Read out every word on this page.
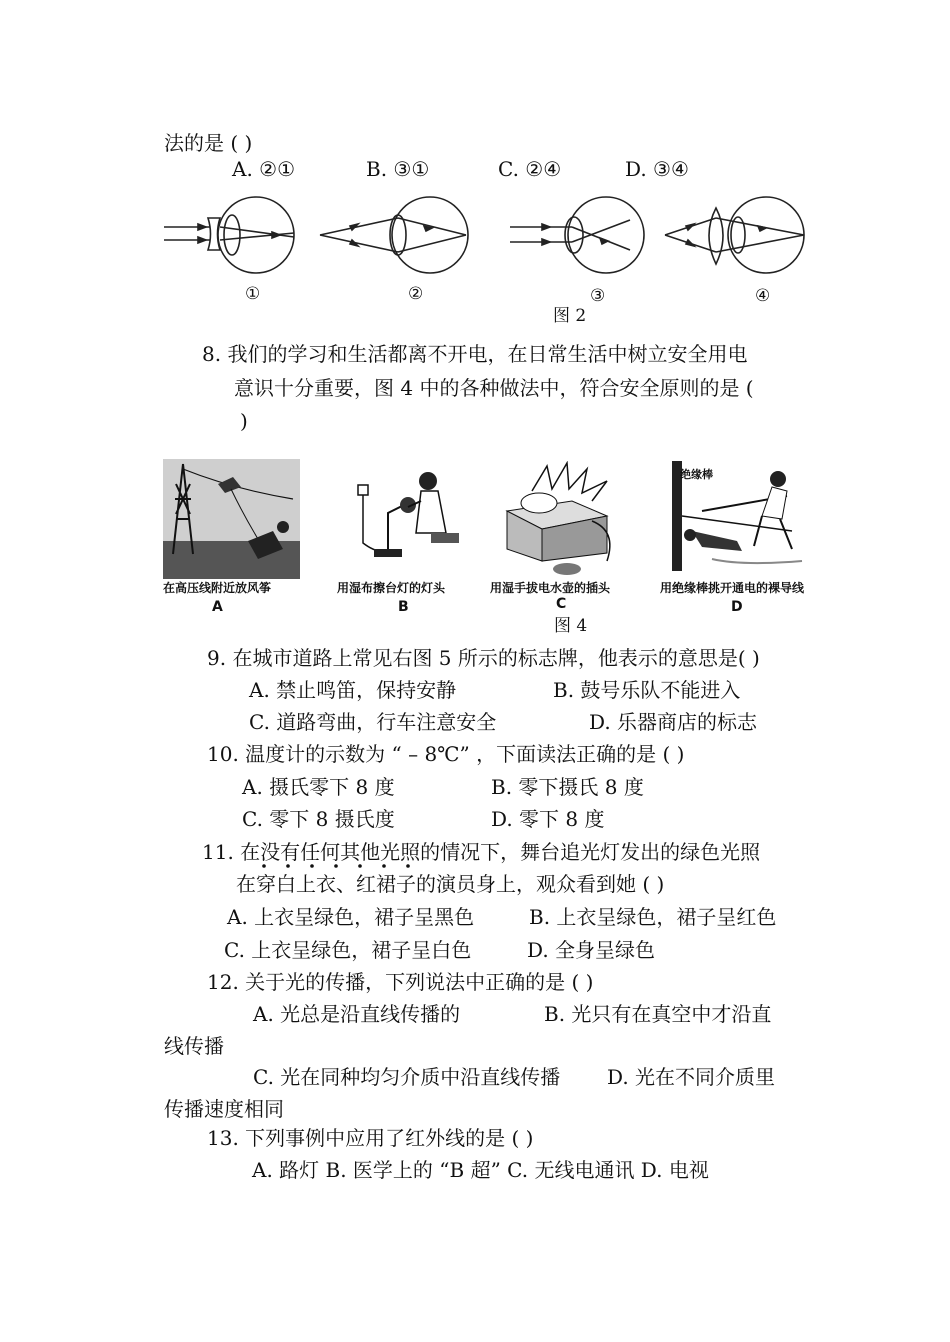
法的是 ( )
A. ②①	B. ③①	C. ②④	D. ③④
①	②	③	④
图 2
8. 我们的学习和生活都离不开电，在日常生活中树立安全用电
意识十分重要，图 4 中的各种做法中，符合安全原则的是 (
)
在高压线附近放风筝
A
用湿布擦台灯的灯头
B
用湿手拔电水壶的插头
C
绝缘棒
用绝缘棒挑开通电的裸导线
D
图 4
9. 在城市道路上常见右图 5 所示的标志牌，他表示的意思是( )
A. 禁止鸣笛，保持安静	B. 鼓号乐队不能进入
C. 道路弯曲，行车注意安全	D. 乐器商店的标志
10. 温度计的示数为 “ – 8℃” ，下面读法正确的是 ( )
A. 摄氏零下 8 度	B. 零下摄氏 8 度
C. 零下 8 摄氏度	D. 零下 8 度
11. 在没有任何其他光照的情况下，舞台追光灯发出的绿色光照
在穿白上衣、红裙子的演员身上，观众看到她 ( )
A. 上衣呈绿色，裙子呈黑色	B. 上衣呈绿色，裙子呈红色
C. 上衣呈绿色，裙子呈白色	D. 全身呈绿色
12. 关于光的传播，下列说法中正确的是 ( )
A. 光总是沿直线传播的	B. 光只有在真空中才沿直
线传播
C. 光在同种均匀介质中沿直线传播 D. 光在不同介质里
传播速度相同
13. 下列事例中应用了红外线的是 ( )
A. 路灯 B. 医学上的 “B 超” C. 无线电通讯 D. 电视
